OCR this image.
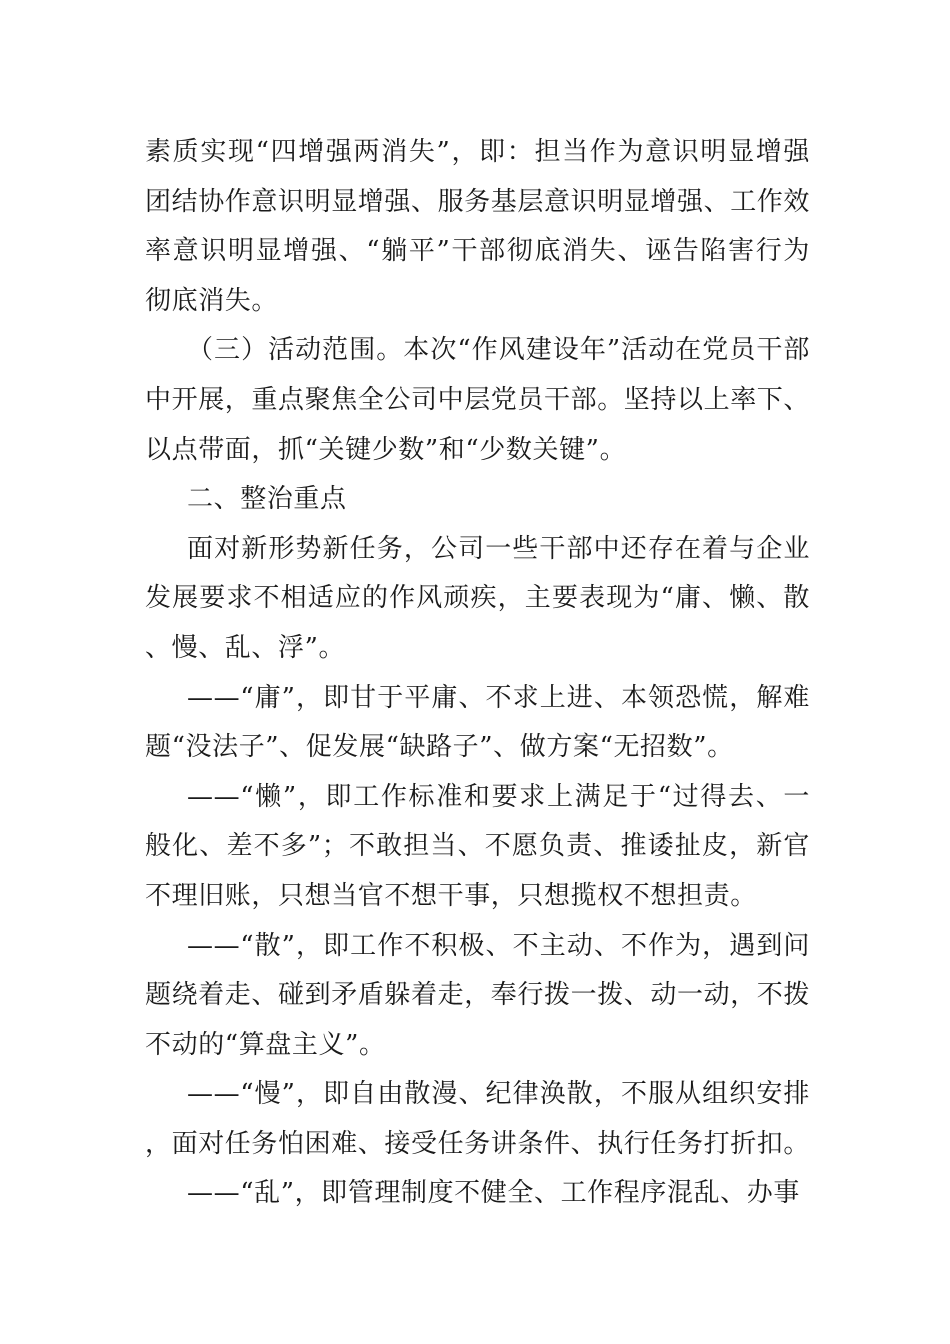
素质实现“四增强两消失”，即：担当作为意识明显增强团结协作意识明显增强、服务基层意识明显增强、工作效率意识明显增强、“躺平”干部彻底消失、诬告陷害行为彻底消失。

（三）活动范围。本次“作风建设年”活动在党员干部中开展，重点聚焦全公司中层党员干部。坚持以上率下、以点带面，抓“关键少数”和“少数关键”。

二、整治重点

面对新形势新任务，公司一些干部中还存在着与企业发展要求不相适应的作风顽疾，主要表现为“庸、懒、散、慢、乱、浮”。

——“庸”，即甘于平庸、不求上进、本领恐慌，解难题“没法子”、促发展“缺路子”、做方案“无招数”。

——“懒”，即工作标准和要求上满足于“过得去、一般化、差不多”；不敢担当、不愿负责、推诿扯皮，新官不理旧账，只想当官不想干事，只想揽权不想担责。

——“散”，即工作不积极、不主动、不作为，遇到问题绕着走、碰到矛盾躲着走，奉行拨一拨、动一动，不拨不动的“算盘主义”。

——“慢”，即自由散漫、纪律涣散，不服从组织安排，面对任务怕困难、接受任务讲条件、执行任务打折扣。

——“乱”，即管理制度不健全、工作程序混乱、办事
